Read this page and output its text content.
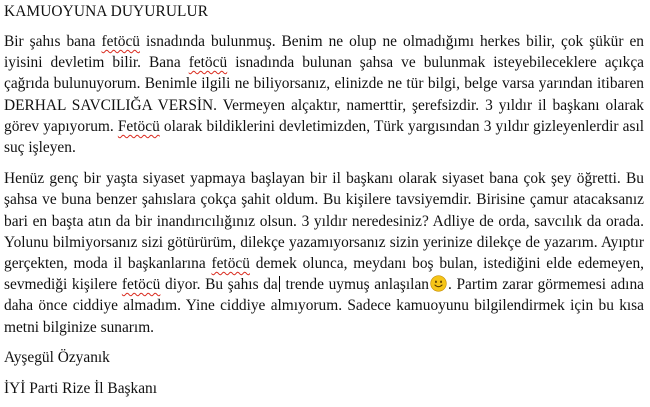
KAMUOYUNA DUYURULUR

Bir şahıs bana fetöcü isnadında bulunmuş. Benim ne olup ne olmadığımı herkes bilir, çok şükür en iyisini devletim bilir. Bana fetöcü isnadında bulunan şahsa ve bulunmak isteyebileceklere açıkça çağrıda bulunuyorum. Benimle ilgili ne biliyorsanız, elinizde ne tür bilgi, belge varsa yarından itibaren DERHAL SAVCILIĞA VERSİN. Vermeyen alçaktır, namerttir, şerefsizdir. 3 yıldır il başkanı olarak görev yapıyorum. Fetöcü olarak bildiklerini devletimizden, Türk yargısından 3 yıldır gizleyenlerdir asıl suç işleyen.

Henüz genç bir yaşta siyaset yapmaya başlayan bir il başkanı olarak siyaset bana çok şey öğretti. Bu şahsa ve buna benzer şahıslara çokça şahit oldum. Bu kişilere tavsiyemdir. Birisine çamur atacaksanız bari en başta atın da bir inandırıcılığınız olsun. 3 yıldır neredesiniz? Adliye de orda, savcılık da orada. Yolunu bilmiyorsanız sizi götürürüm, dilekçe yazamıyorsanız sizin yerinize dilekçe de yazarım. Ayıptır gerçekten, moda il başkanlarına fetöcü demek olunca, meydanı boş bulan, istediğini elde edemeyen, sevmediği kişilere fetöcü diyor. Bu şahıs da trende uymuş anlaşılan . Partim zarar görmemesi adına daha önce ciddiye almadım. Yine ciddiye almıyorum. Sadece kamuoyunu bilgilendirmek için bu kısa metni bilginize sunarım.

Ayşegül Özyanık
İYİ Parti Rize İl Başkanı
